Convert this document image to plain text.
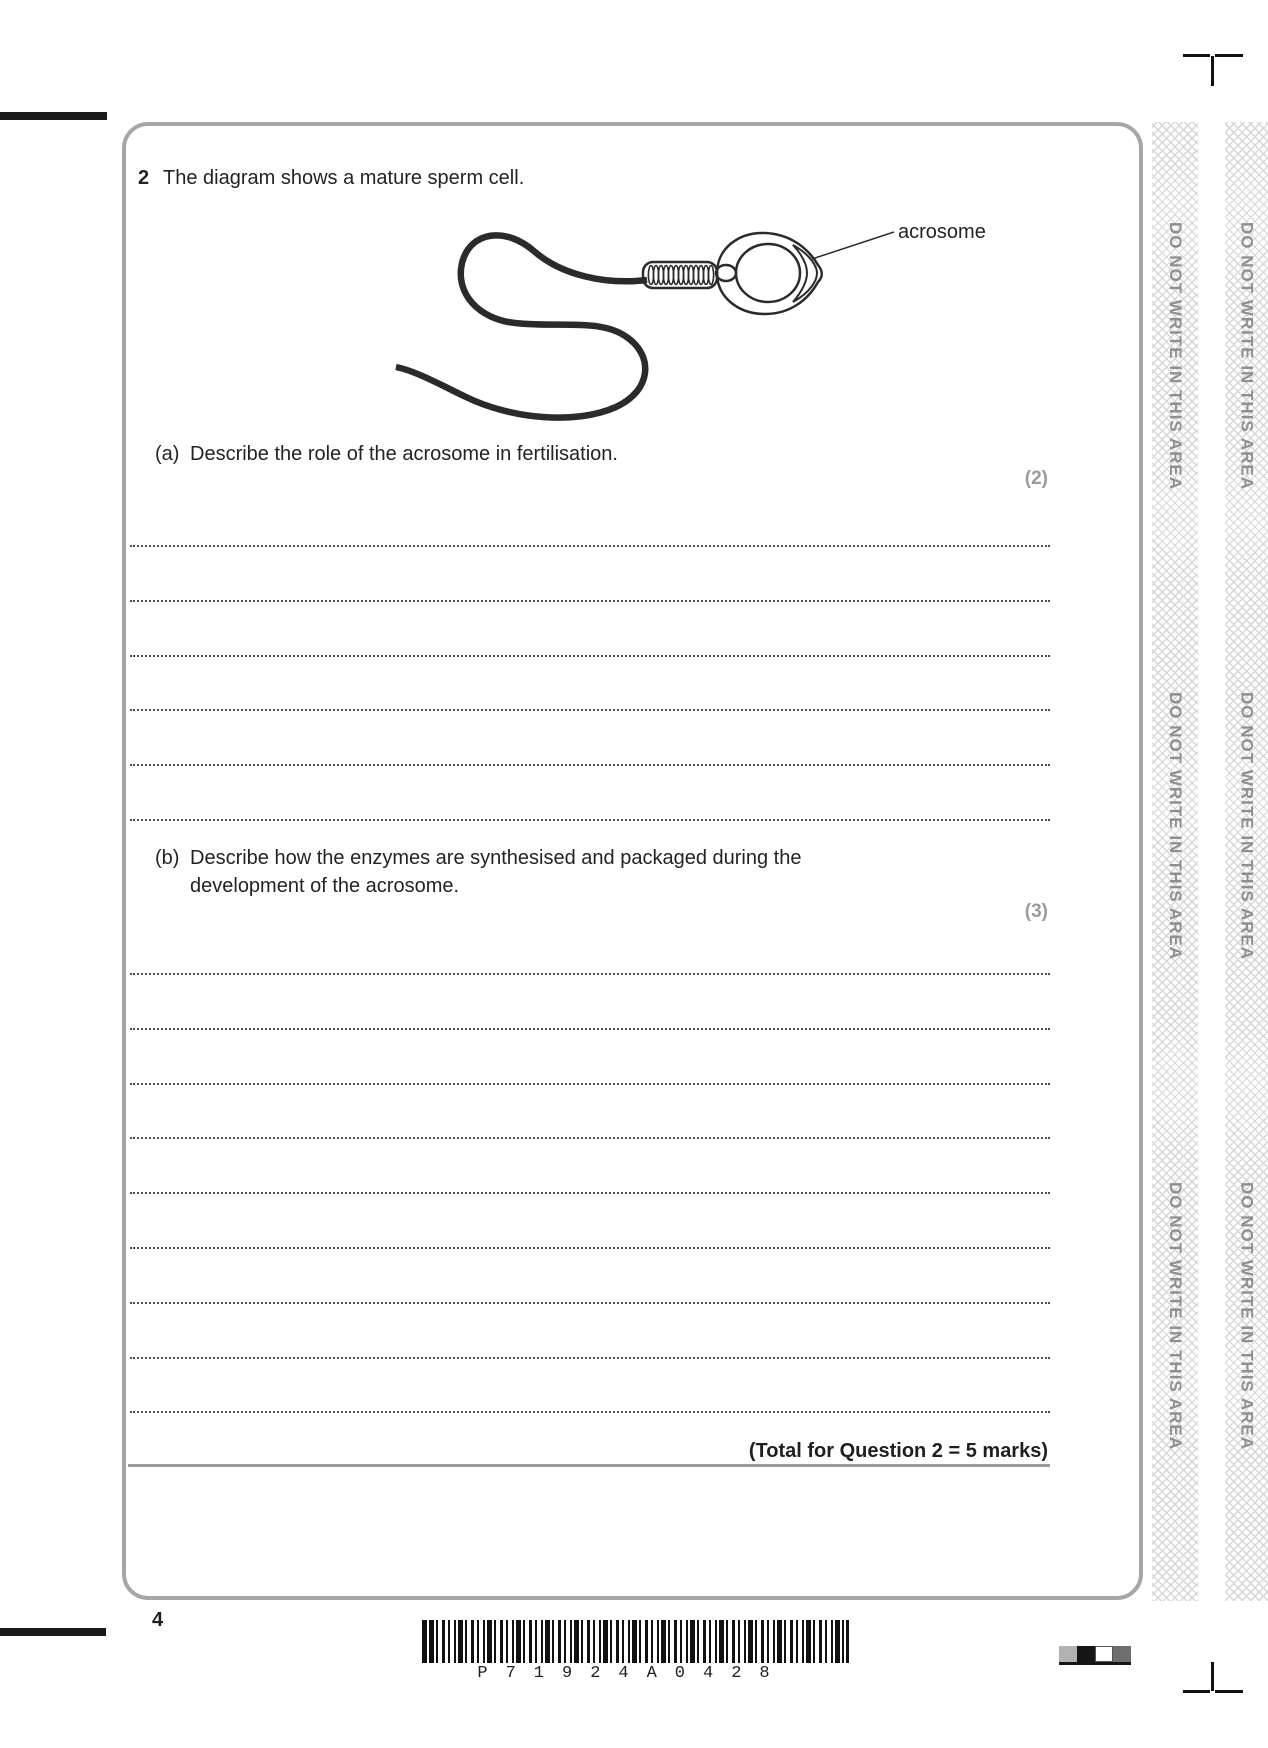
2 The diagram shows a mature sperm cell.
acrosome
(a) Describe the role of the acrosome in fertilisation.
(2)
(b) Describe how the enzymes are synthesised and packaged during the
development of the acrosome.
(3)
(Total for Question 2 = 5 marks)
4
P71924A0428
DO NOT WRITE IN THIS AREA
DO NOT WRITE IN THIS AREA
DO NOT WRITE IN THIS AREA
DO NOT WRITE IN THIS AREA
DO NOT WRITE IN THIS AREA
DO NOT WRITE IN THIS AREA
